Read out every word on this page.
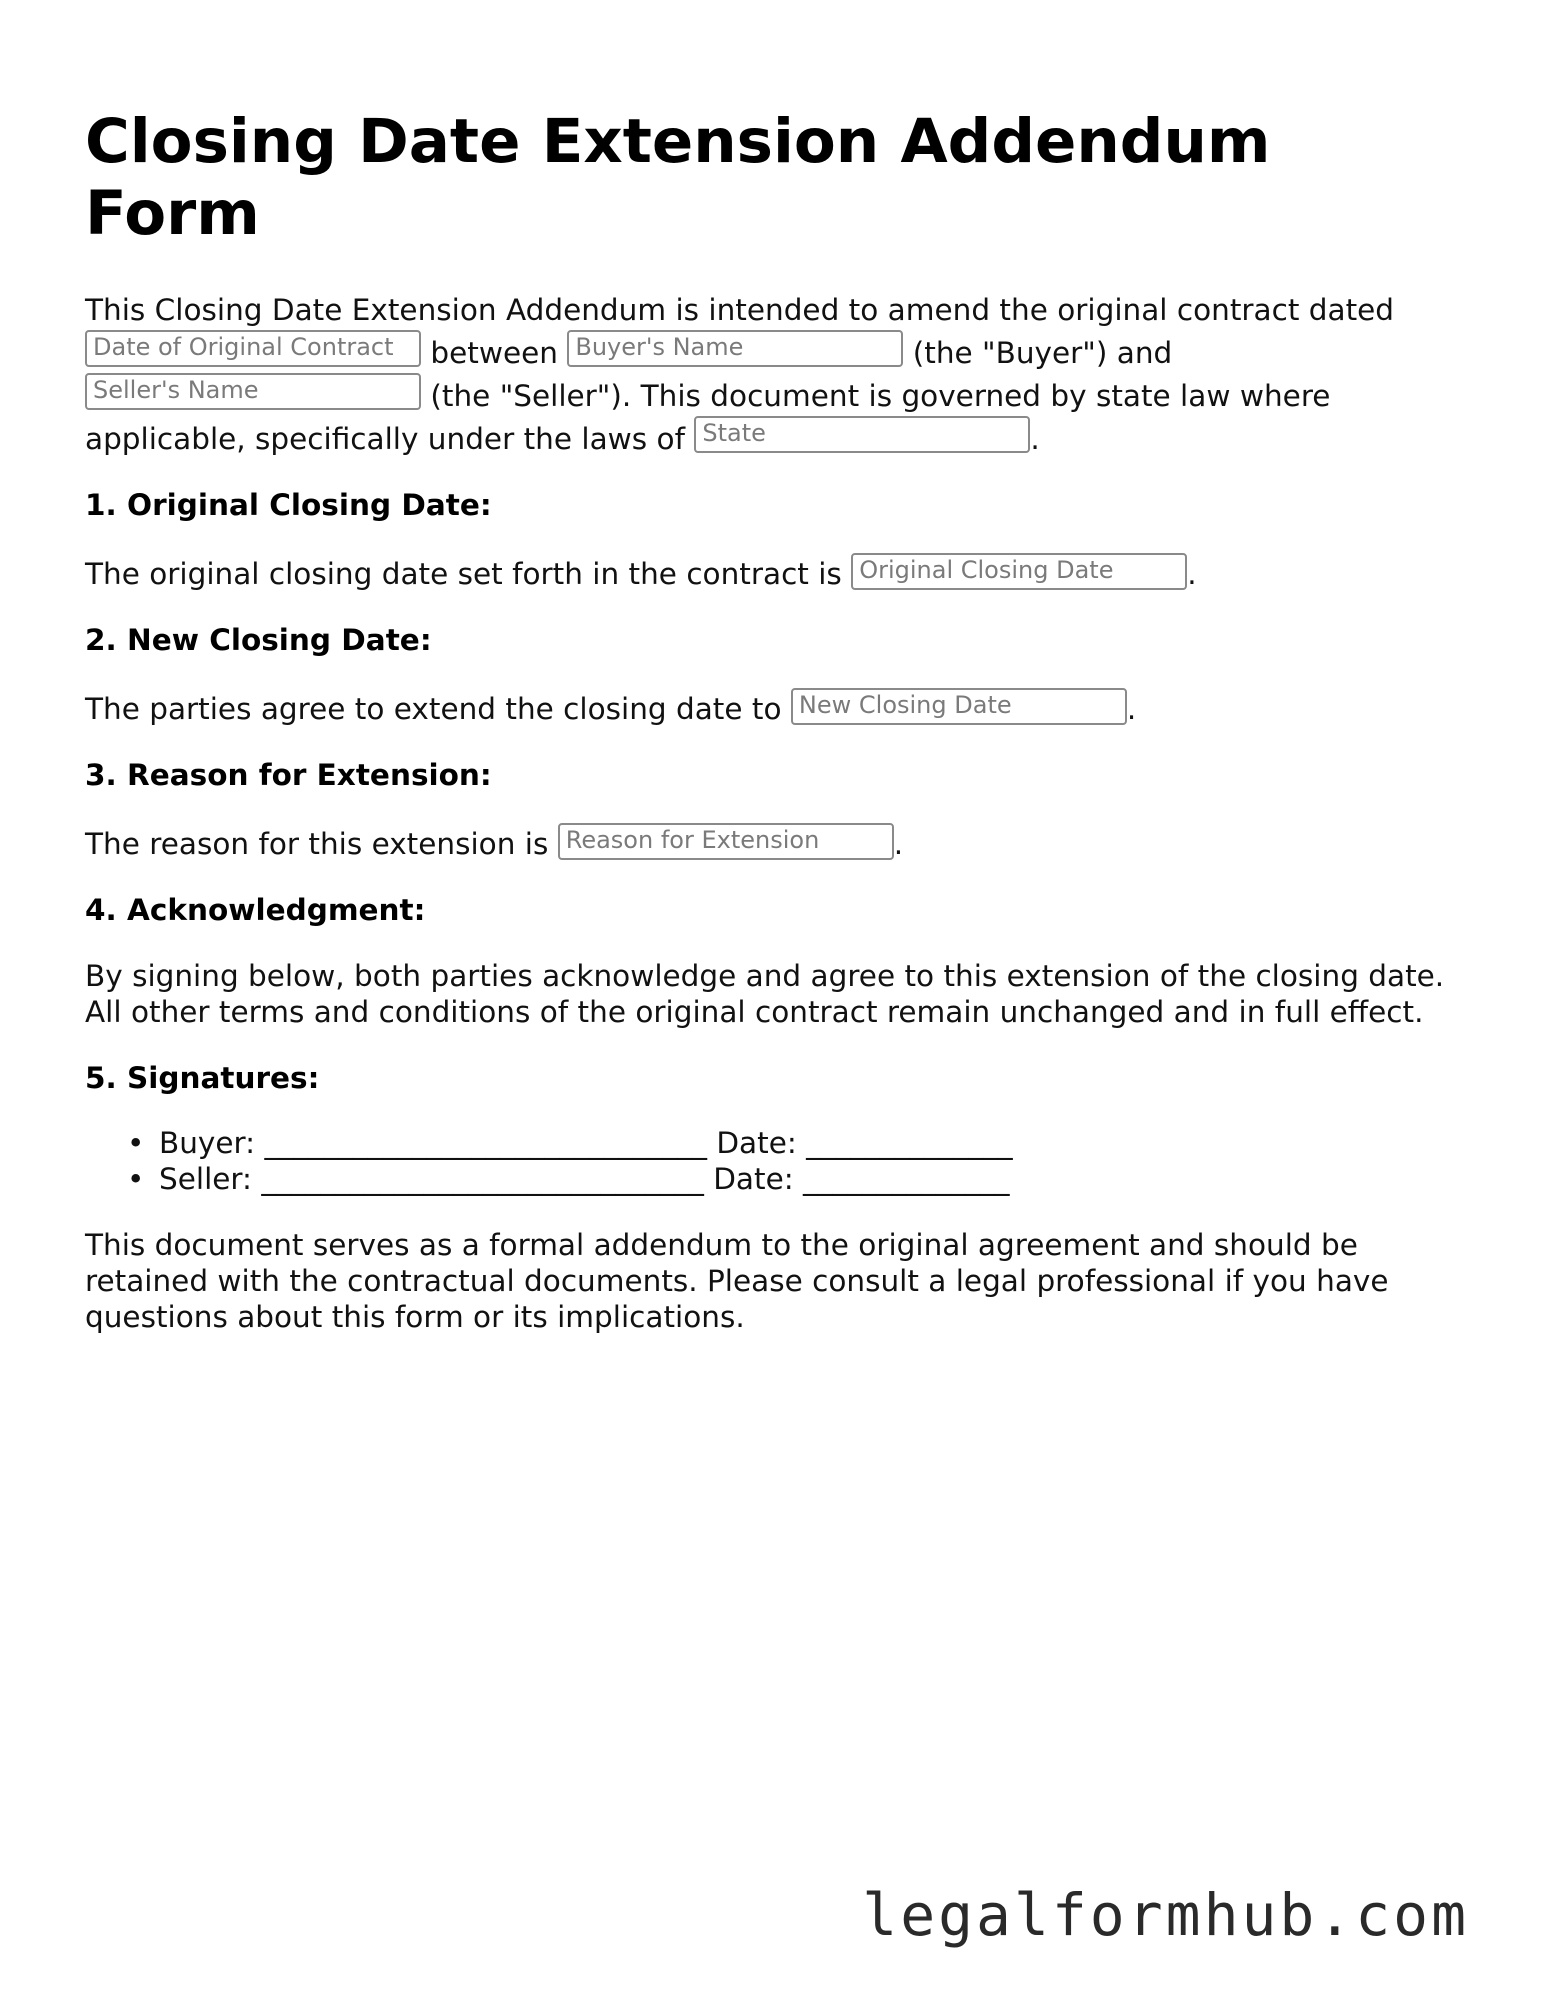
Closing Date Extension Addendum Form

This Closing Date Extension Addendum is intended to amend the original contract dated Date of Original Contract between Buyer's Name	(the "Buyer") and Seller's Name	(the "Seller"). This document is governed by state law where applicable, specifically under the laws of State	.

1. Original Closing Date:

The original closing date set forth in the contract is Original Closing Date .

2. New Closing Date:

The parties agree to extend the closing date to New Closing Date	.

3. Reason for Extension:

The reason for this extension is Reason for Extension	.

4. Acknowledgment:

By signing below, both parties acknowledge and agree to this extension of the closing date. All other terms and conditions of the original contract remain unchanged and in full effect.

5. Signatures:
• Buyer: ______________________________ Date: ______________
• Seller: ______________________________ Date: ______________

This document serves as a formal addendum to the original agreement and should be retained with the contractual documents. Please consult a legal professional if you have questions about this form or its implications.

legalformhub.com
